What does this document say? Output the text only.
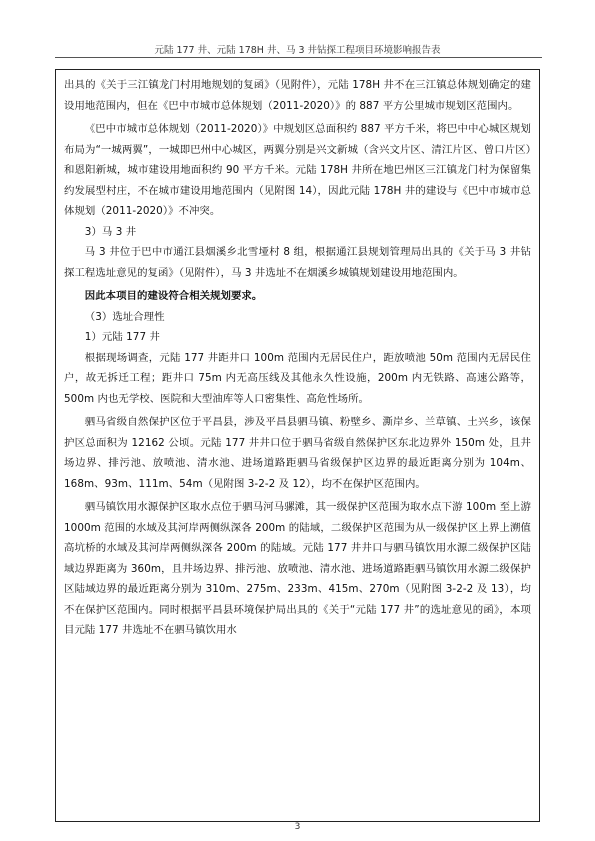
元陆 177 井、元陆 178H 井、马 3 井钻探工程项目环境影响报告表

出具的《关于三江镇龙门村用地规划的复函》（见附件），元陆 178H 井不在三江镇总体规划确定的建设用地范围内，但在《巴中市城市总体规划（2011-2020）》的 887 平方公里城市规划区范围内。

《巴中市城市总体规划（2011-2020）》中规划区总面积约 887 平方千米，将巴中中心城区规划布局为“一城两翼”，一城即巴州中心城区，两翼分别是兴文新城（含兴文片区、清江片区、曾口片区）和恩阳新城，城市建设用地面积约 90 平方千米。元陆 178H 井所在地巴州区三江镇龙门村为保留集约发展型村庄，不在城市建设用地范围内（见附图 14），因此元陆 178H 井的建设与《巴中市城市总体规划（2011-2020）》不冲突。

3）马 3 井

马 3 井位于巴中市通江县烟溪乡北雪垭村 8 组，根据通江县规划管理局出具的《关于马 3 井钻探工程选址意见的复函》（见附件），马 3 井选址不在烟溪乡城镇规划建设用地范围内。

因此本项目的建设符合相关规划要求。

（3）选址合理性

1）元陆 177 井

根据现场调查，元陆 177 井距井口 100m 范围内无居民住户，距放喷池 50m 范围内无居民住户，故无拆迁工程；距井口 75m 内无高压线及其他永久性设施，200m 内无铁路、高速公路等，500m 内也无学校、医院和大型油库等人口密集性、高危性场所。

驷马省级自然保护区位于平昌县，涉及平昌县驷马镇、粉壁乡、澌岸乡、兰草镇、土兴乡，该保护区总面积为 12162 公顷。元陆 177 井井口位于驷马省级自然保护区东北边界外 150m 处，且井场边界、排污池、放喷池、清水池、进场道路距驷马省级保护区边界的最近距离分别为 104m、168m、93m、111m、54m（见附图 3-2-2 及 12），均不在保护区范围内。

驷马镇饮用水源保护区取水点位于驷马河马骡滩，其一级保护区范围为取水点下游 100m 至上游 1000m 范围的水域及其河岸两侧纵深各 200m 的陆域，二级保护区范围为从一级保护区上界上溯值高坑桥的水域及其河岸两侧纵深各 200m 的陆域。元陆 177 井井口与驷马镇饮用水源二级保护区陆域边界距离为 360m，且井场边界、排污池、放喷池、清水池、进场道路距驷马镇饮用水源二级保护区陆域边界的最近距离分别为 310m、275m、233m、415m、270m（见附图 3-2-2 及 13），均不在保护区范围内。同时根据平昌县环境保护局出具的《关于“元陆 177 井”的选址意见的函》，本项目元陆 177 井选址不在驷马镇饮用水

3
